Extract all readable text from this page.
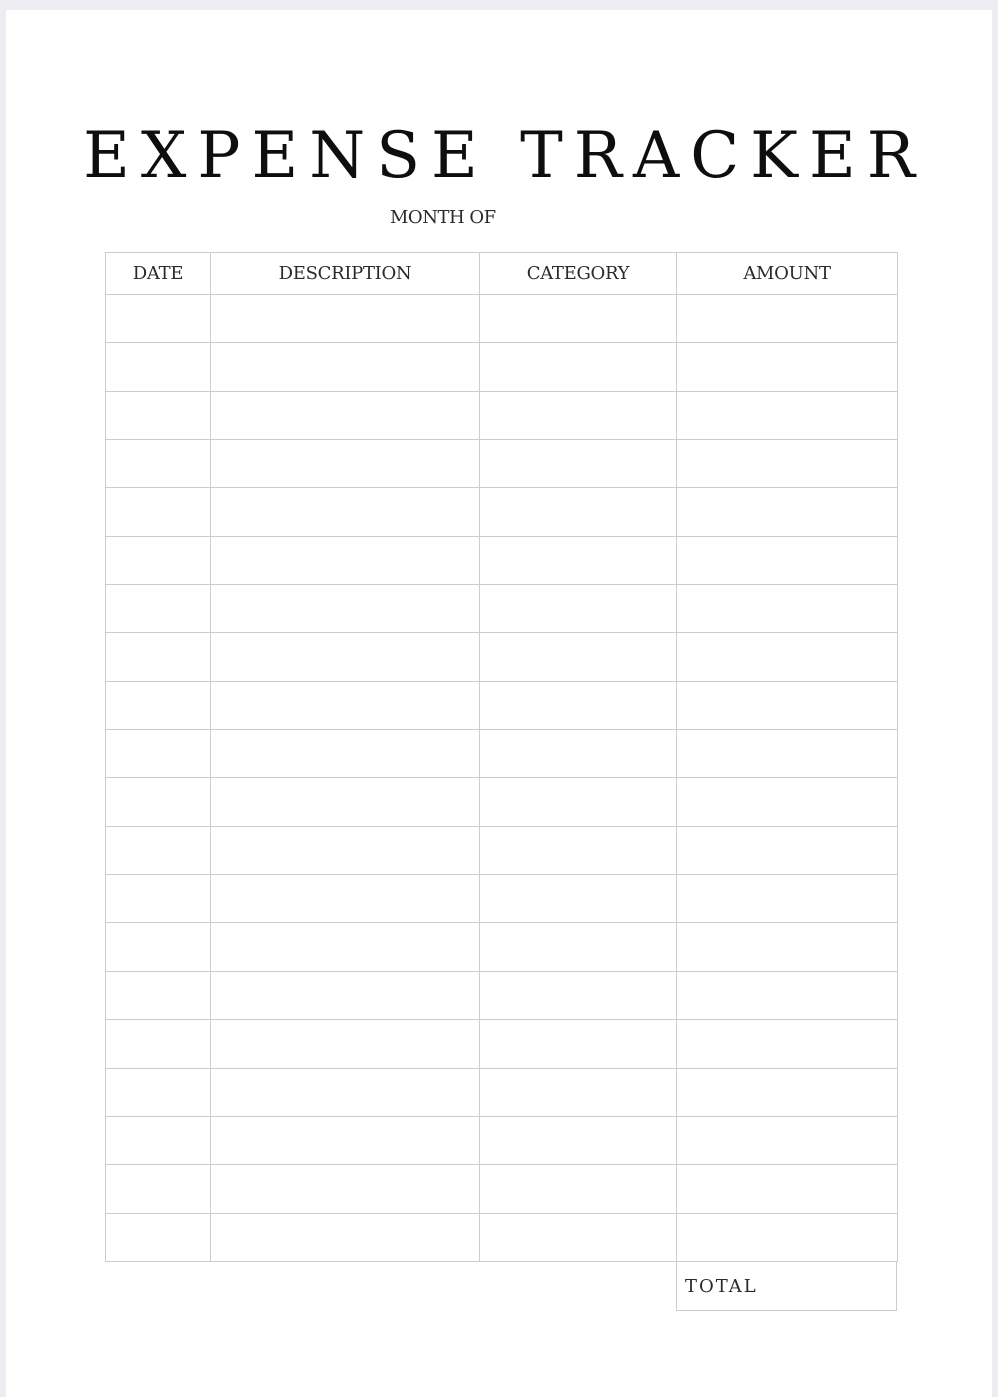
EXPENSE TRACKER
MONTH OF
DATE	DESCRIPTION	CATEGORY	AMOUNT

TOTAL
